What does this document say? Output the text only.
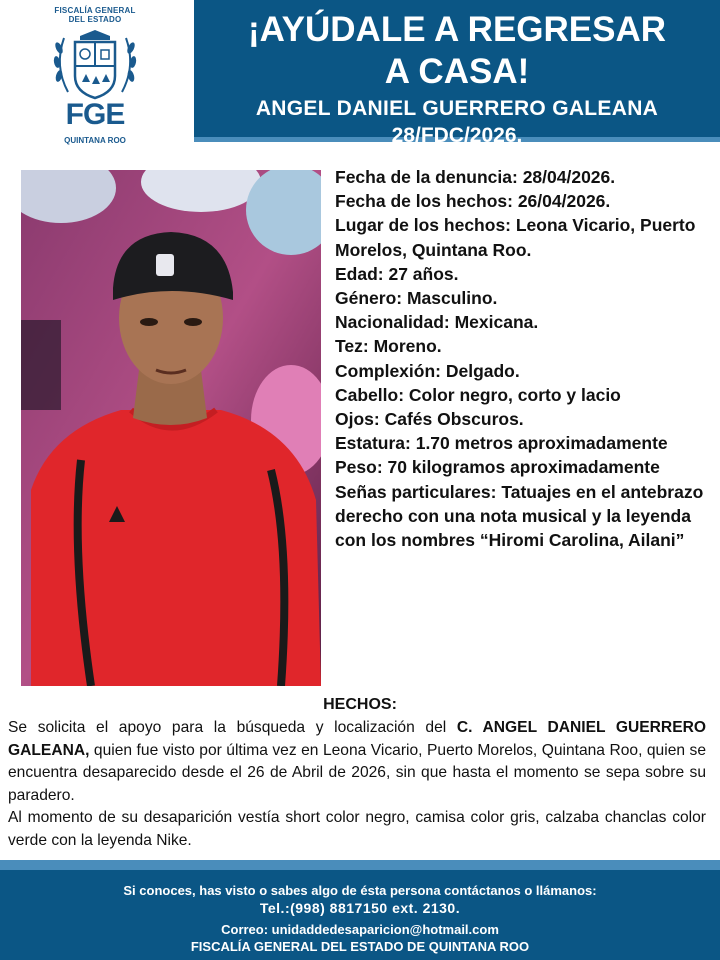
FISCALÍA GENERAL
DEL ESTADO
FGE
QUINTANA ROO
¡AYÚDALE A REGRESAR
A CASA!
ANGEL DANIEL GUERRERO GALEANA
28/FDC/2026.

Fecha de la denuncia: 28/04/2026.

Fecha de los hechos: 26/04/2026.

Lugar de los hechos: Leona Vicario, Puerto Morelos, Quintana Roo.

Edad: 27 años.

Género: Masculino.

Nacionalidad: Mexicana.

Tez: Moreno.

Complexión: Delgado.

Cabello: Color negro, corto y lacio

Ojos: Cafés Obscuros.

Estatura: 1.70 metros aproximadamente

Peso: 70 kilogramos aproximadamente

Señas particulares: Tatuajes en el antebrazo derecho con una nota musical y la leyenda con los nombres “Hiromi Carolina, Ailani”

HECHOS:
Se solicita el apoyo para la búsqueda y localización del C. ANGEL DANIEL GUERRERO GALEANA, quien fue visto por última vez en Leona Vicario, Puerto Morelos, Quintana Roo, quien se encuentra desaparecido desde el 26 de Abril de 2026, sin que hasta el momento se sepa sobre su paradero.
Al momento de su desaparición vestía short color negro, camisa color gris, calzaba chanclas color verde con la leyenda Nike.
Si conoces, has visto o sabes algo de ésta persona contáctanos o llámanos:
Tel.:(998) 8817150 ext. 2130.
Correo: unidaddedesaparicion@hotmail.com
FISCALÍA GENERAL DEL ESTADO DE QUINTANA ROO
